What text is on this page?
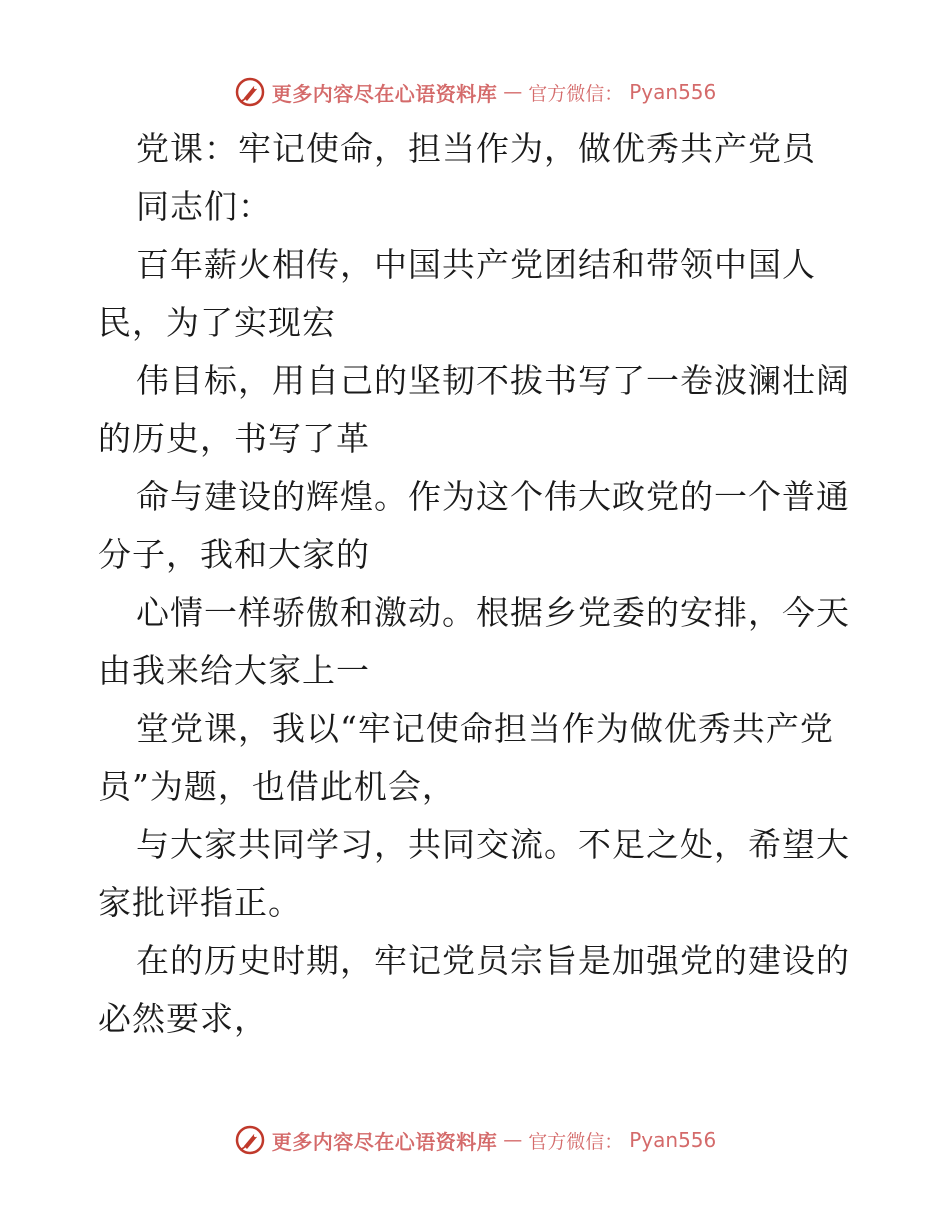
更多内容尽在心语资料库 — 官方微信： Pyan556
党课：牢记使命，担当作为，做优秀共产党员
同志们：
百年薪火相传，中国共产党团结和带领中国人
民，为了实现宏
伟目标，用自己的坚韧不拔书写了一卷波澜壮阔
的历史，书写了革
命与建设的辉煌。作为这个伟大政党的一个普通
分子，我和大家的
心情一样骄傲和激动。根据乡党委的安排，今天
由我来给大家上一
堂党课，我以“牢记使命担当作为做优秀共产党
员”为题，也借此机会，
与大家共同学习，共同交流。不足之处，希望大
家批评指正。
在的历史时期，牢记党员宗旨是加强党的建设的
必然要求，
更多内容尽在心语资料库 — 官方微信： Pyan556
